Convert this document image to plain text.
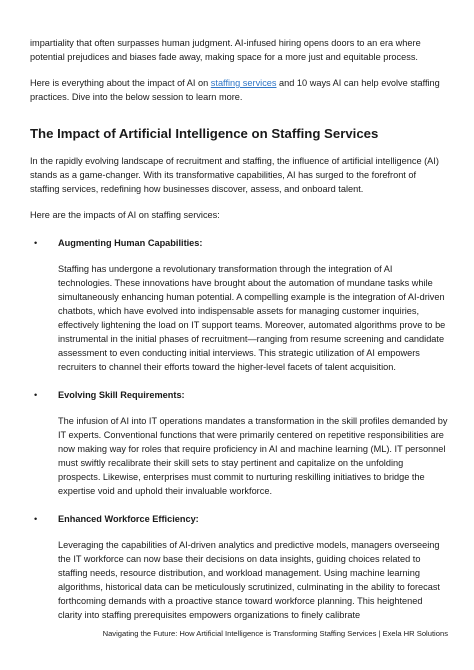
impartiality that often surpasses human judgment. AI-infused hiring opens doors to an era where potential prejudices and biases fade away, making space for a more just and equitable process.

Here is everything about the impact of AI on staffing services and 10 ways AI can help evolve staffing practices. Dive into the below session to learn more.

The Impact of Artificial Intelligence on Staffing Services

In the rapidly evolving landscape of recruitment and staffing, the influence of artificial intelligence (AI) stands as a game-changer. With its transformative capabilities, AI has surged to the forefront of staffing services, redefining how businesses discover, assess, and onboard talent.

Here are the impacts of AI on staffing services:

• Augmenting Human Capabilities:

Staffing has undergone a revolutionary transformation through the integration of AI technologies. These innovations have brought about the automation of mundane tasks while simultaneously enhancing human potential. A compelling example is the integration of AI-driven chatbots, which have evolved into indispensable assets for managing customer inquiries, effectively lightening the load on IT support teams. Moreover, automated algorithms prove to be instrumental in the initial phases of recruitment—ranging from resume screening and candidate assessment to even conducting initial interviews. This strategic utilization of AI empowers recruiters to channel their efforts toward the higher-level facets of talent acquisition.

• Evolving Skill Requirements:

The infusion of AI into IT operations mandates a transformation in the skill profiles demanded by IT experts. Conventional functions that were primarily centered on repetitive responsibilities are now making way for roles that require proficiency in AI and machine learning (ML). IT personnel must swiftly recalibrate their skill sets to stay pertinent and capitalize on the unfolding prospects. Likewise, enterprises must commit to nurturing reskilling initiatives to bridge the expertise void and uphold their invaluable workforce.

• Enhanced Workforce Efficiency:

Leveraging the capabilities of AI-driven analytics and predictive models, managers overseeing the IT workforce can now base their decisions on data insights, guiding choices related to staffing needs, resource distribution, and workload management. Using machine learning algorithms, historical data can be meticulously scrutinized, culminating in the ability to forecast forthcoming demands with a proactive stance toward workforce planning. This heightened clarity into staffing prerequisites empowers organizations to finely calibrate

Navigating the Future: How Artificial Intelligence is Transforming Staffing Services | Exela HR Solutions
